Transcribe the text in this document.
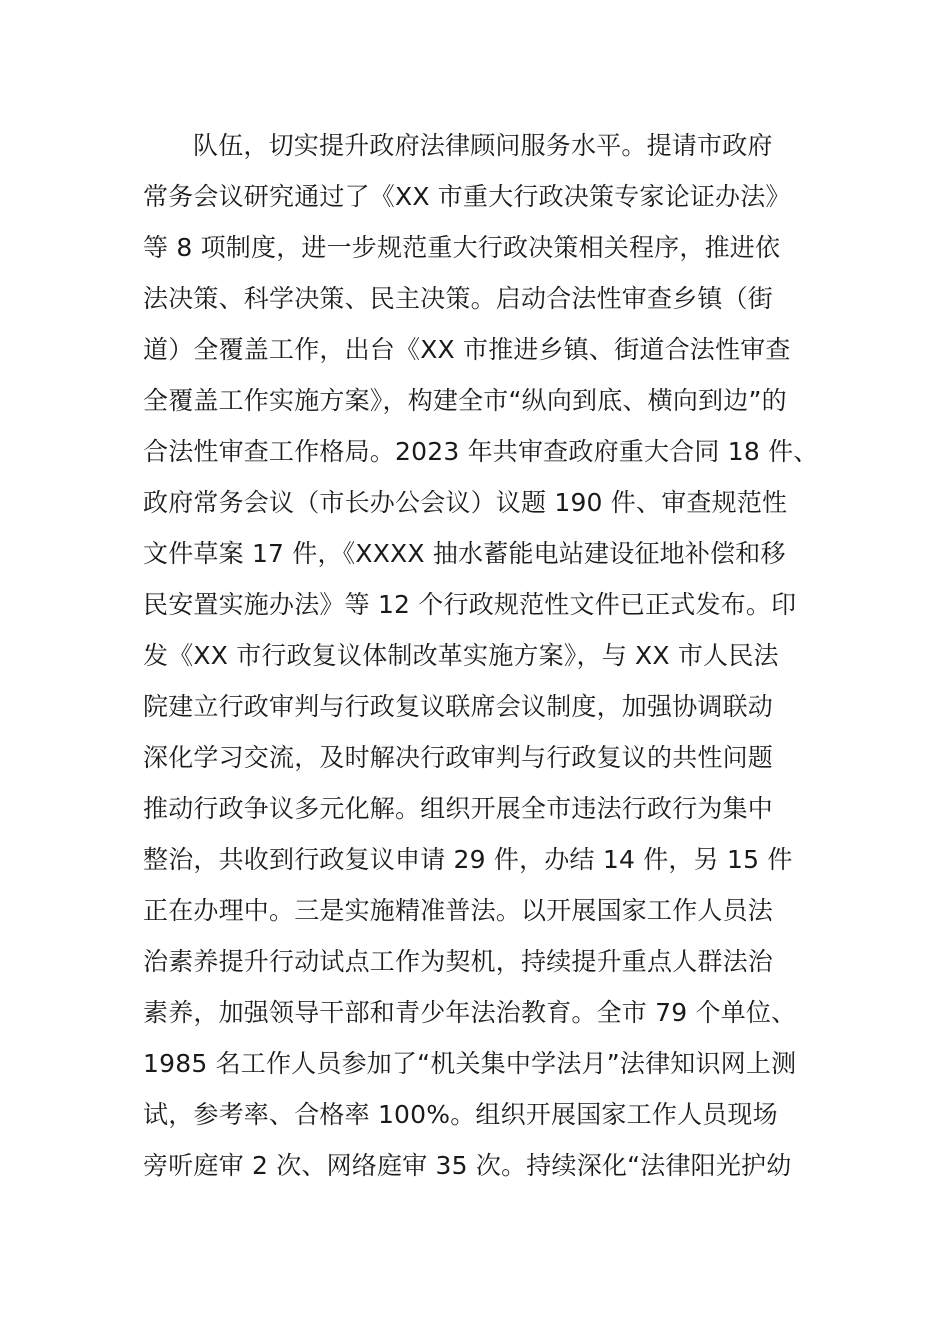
队伍，切实提升政府法律顾问服务水平。提请市政府
常务会议研究通过了《XX 市重大行政决策专家论证办法》
等 8 项制度，进一步规范重大行政决策相关程序，推进依
法决策、科学决策、民主决策。启动合法性审查乡镇（街
道）全覆盖工作，出台《XX 市推进乡镇、街道合法性审查
全覆盖工作实施方案》，构建全市“纵向到底、横向到边”的
合法性审查工作格局。2023 年共审查政府重大合同 18 件、
政府常务会议（市长办公会议）议题 190 件、审查规范性
文件草案 17 件，《XXXX 抽水蓄能电站建设征地补偿和移
民安置实施办法》等 12 个行政规范性文件已正式发布。印
发《XX 市行政复议体制改革实施方案》，与 XX 市人民法
院建立行政审判与行政复议联席会议制度，加强协调联动
深化学习交流，及时解决行政审判与行政复议的共性问题
推动行政争议多元化解。组织开展全市违法行政行为集中
整治，共收到行政复议申请 29 件，办结 14 件，另 15 件
正在办理中。三是实施精准普法。以开展国家工作人员法
治素养提升行动试点工作为契机，持续提升重点人群法治
素养，加强领导干部和青少年法治教育。全市 79 个单位、
1985 名工作人员参加了“机关集中学法月”法律知识网上测
试，参考率、合格率 100%。组织开展国家工作人员现场
旁听庭审 2 次、网络庭审 35 次。持续深化“法律阳光护幼
